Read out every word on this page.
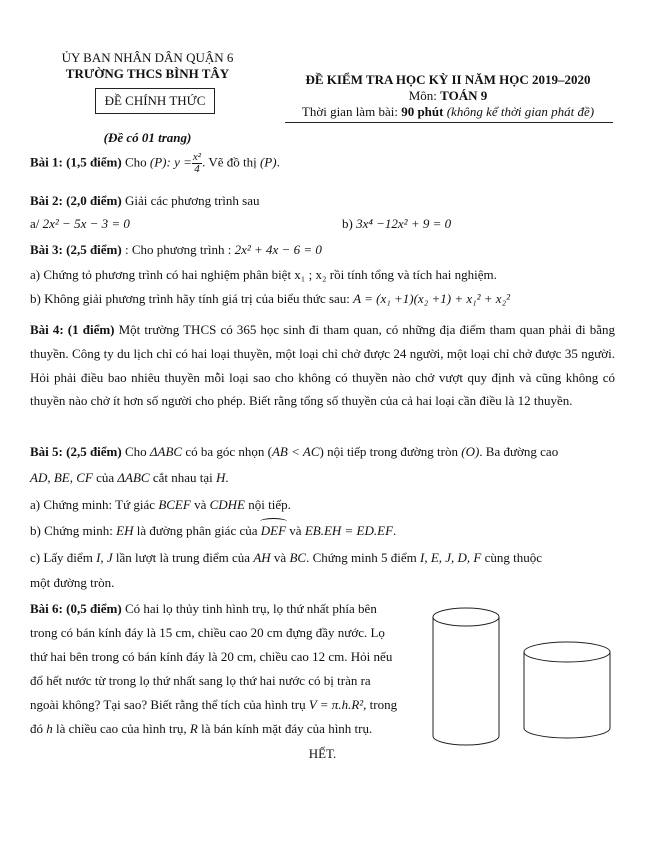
ỦY BAN NHÂN DÂN QUẬN 6
TRƯỜNG THCS BÌNH TÂY
ĐỀ CHÍNH THỨC
(Đề có 01 trang)
ĐỀ KIỂM TRA HỌC KỲ II NĂM HỌC 2019–2020
Môn: TOÁN 9
Thời gian làm bài: 90 phút (không kể thời gian phát đề)
Bài 1: (1,5 điểm) Cho (P): $y = \frac{\text{x²}}{4}$ . Vẽ đồ thị (P).
Bài 2: (2,0 điểm) Giải các phương trình sau
a/ 2x² − 5x − 3 = 0	b) 3x⁴ −12x² + 9 = 0
Bài 3: (2,5 điểm) : Cho phương trình : 2x² + 4x − 6 = 0
a) Chứng tỏ phương trình có hai nghiệm phân biệt x₁ ; x₂ rồi tính tổng và tích hai nghiệm.
b) Không giải phương trình hãy tính giá trị của biểu thức sau: A = (x₁ +1)(x₂ +1) + x₁² + x₂²
Bài 4: (1 điểm) Một trường THCS có 365 học sinh đi tham quan, có những địa điểm tham quan phải đi bằng thuyền. Công ty du lịch chỉ có hai loại thuyền, một loại chỉ chở được 24 người, một loại chỉ chở được 35 người. Hỏi phải điều bao nhiêu thuyền mỗi loại sao cho không có thuyền nào chở vượt quy định và cũng không có thuyền nào chở ít hơn số người cho phép. Biết rằng tổng số thuyền của cả hai loại cần điều là 12 thuyền.
Bài 5: (2,5 điểm) Cho ΔABC có ba góc nhọn (AB < AC) nội tiếp trong đường tròn (O). Ba đường cao
AD, BE, CF của ΔABC cắt nhau tại H.
a) Chứng minh: Tứ giác BCEF và CDHE nội tiếp.
b) Chứng minh: EH là đường phân giác của DEF và EB.EH = ED.EF.
c) Lấy điểm I, J lần lượt là trung điểm của AH và BC. Chứng minh 5 điểm I, E, J, D, F cùng thuộc
một đường tròn.
Bài 6: (0,5 điểm) Có hai lọ thủy tinh hình trụ, lọ thứ nhất phía bên
trong có bán kính đáy là 15 cm, chiều cao 20 cm đựng đầy nước. Lọ
thứ hai bên trong có bán kính đáy là 20 cm, chiều cao 12 cm. Hỏi nếu
đổ hết nước từ trong lọ thứ nhất sang lọ thứ hai nước có bị tràn ra
ngoài không? Tại sao? Biết rằng thể tích của hình trụ V = π.h.R², trong
đó h là chiều cao của hình trụ, R là bán kính mặt đáy của hình trụ.
HẾT.
